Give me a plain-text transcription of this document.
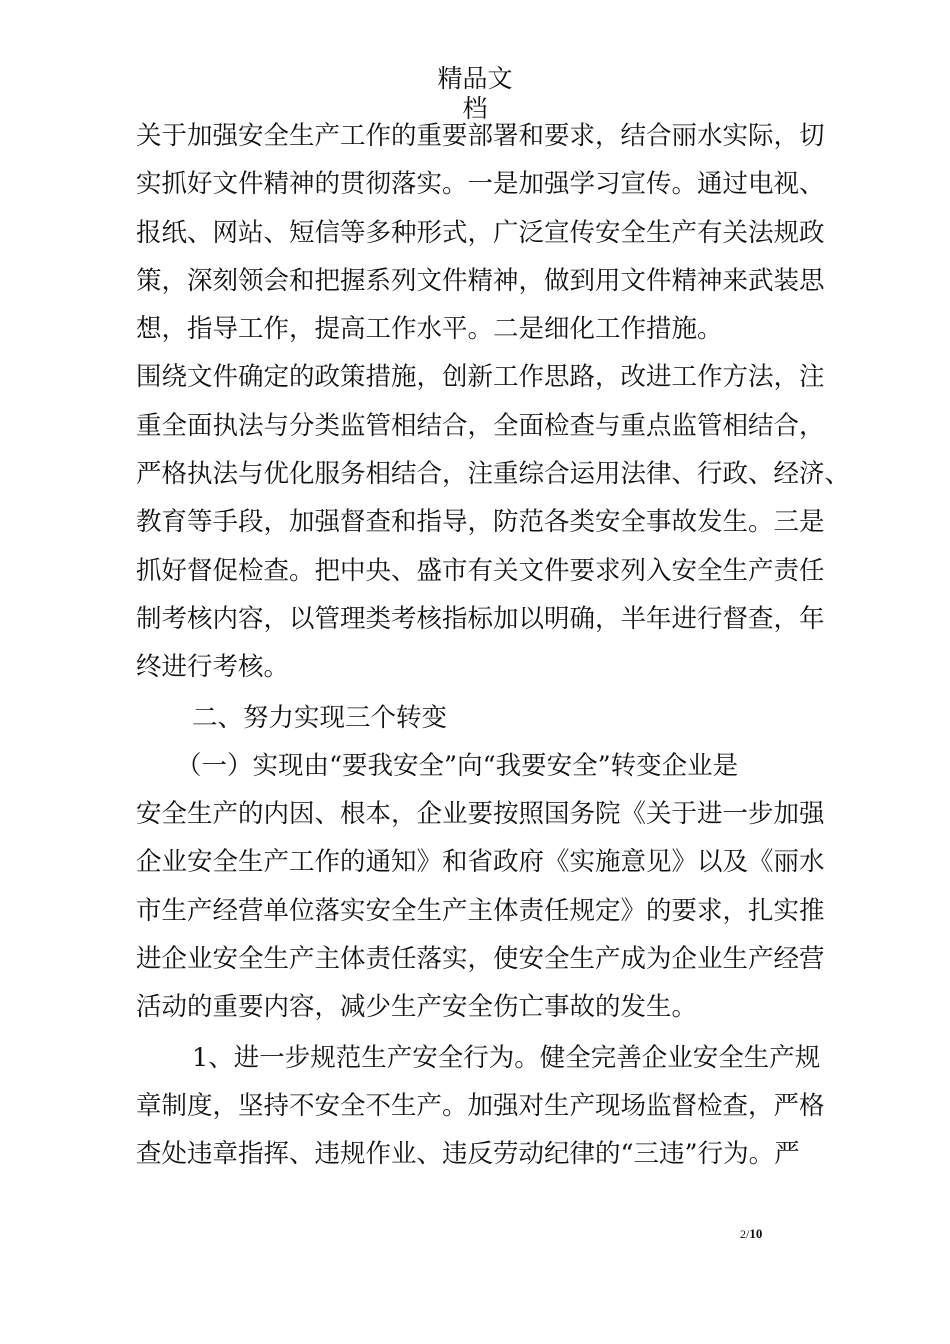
精品文
档
关于加强安全生产工作的重要部署和要求，结合丽水实际，切
实抓好文件精神的贯彻落实。一是加强学习宣传。通过电视、
报纸、网站、短信等多种形式，广泛宣传安全生产有关法规政
策，深刻领会和把握系列文件精神，做到用文件精神来武装思
想，指导工作，提高工作水平。二是细化工作措施。
围绕文件确定的政策措施，创新工作思路，改进工作方法，注
重全面执法与分类监管相结合，全面检查与重点监管相结合，
严格执法与优化服务相结合，注重综合运用法律、行政、经济、
教育等手段，加强督查和指导，防范各类安全事故发生。三是
抓好督促检查。把中央、盛市有关文件要求列入安全生产责任
制考核内容，以管理类考核指标加以明确，半年进行督查，年
终进行考核。
二、努力实现三个转变
（一）实现由“要我安全”向“我要安全”转变企业是
安全生产的内因、根本，企业要按照国务院《关于进一步加强
企业安全生产工作的通知》和省政府《实施意见》以及《丽水
市生产经营单位落实安全生产主体责任规定》的要求，扎实推
进企业安全生产主体责任落实，使安全生产成为企业生产经营
活动的重要内容，减少生产安全伤亡事故的发生。
1、进一步规范生产安全行为。健全完善企业安全生产规
章制度，坚持不安全不生产。加强对生产现场监督检查，严格
查处违章指挥、违规作业、违反劳动纪律的“三违”行为。严
2/10
